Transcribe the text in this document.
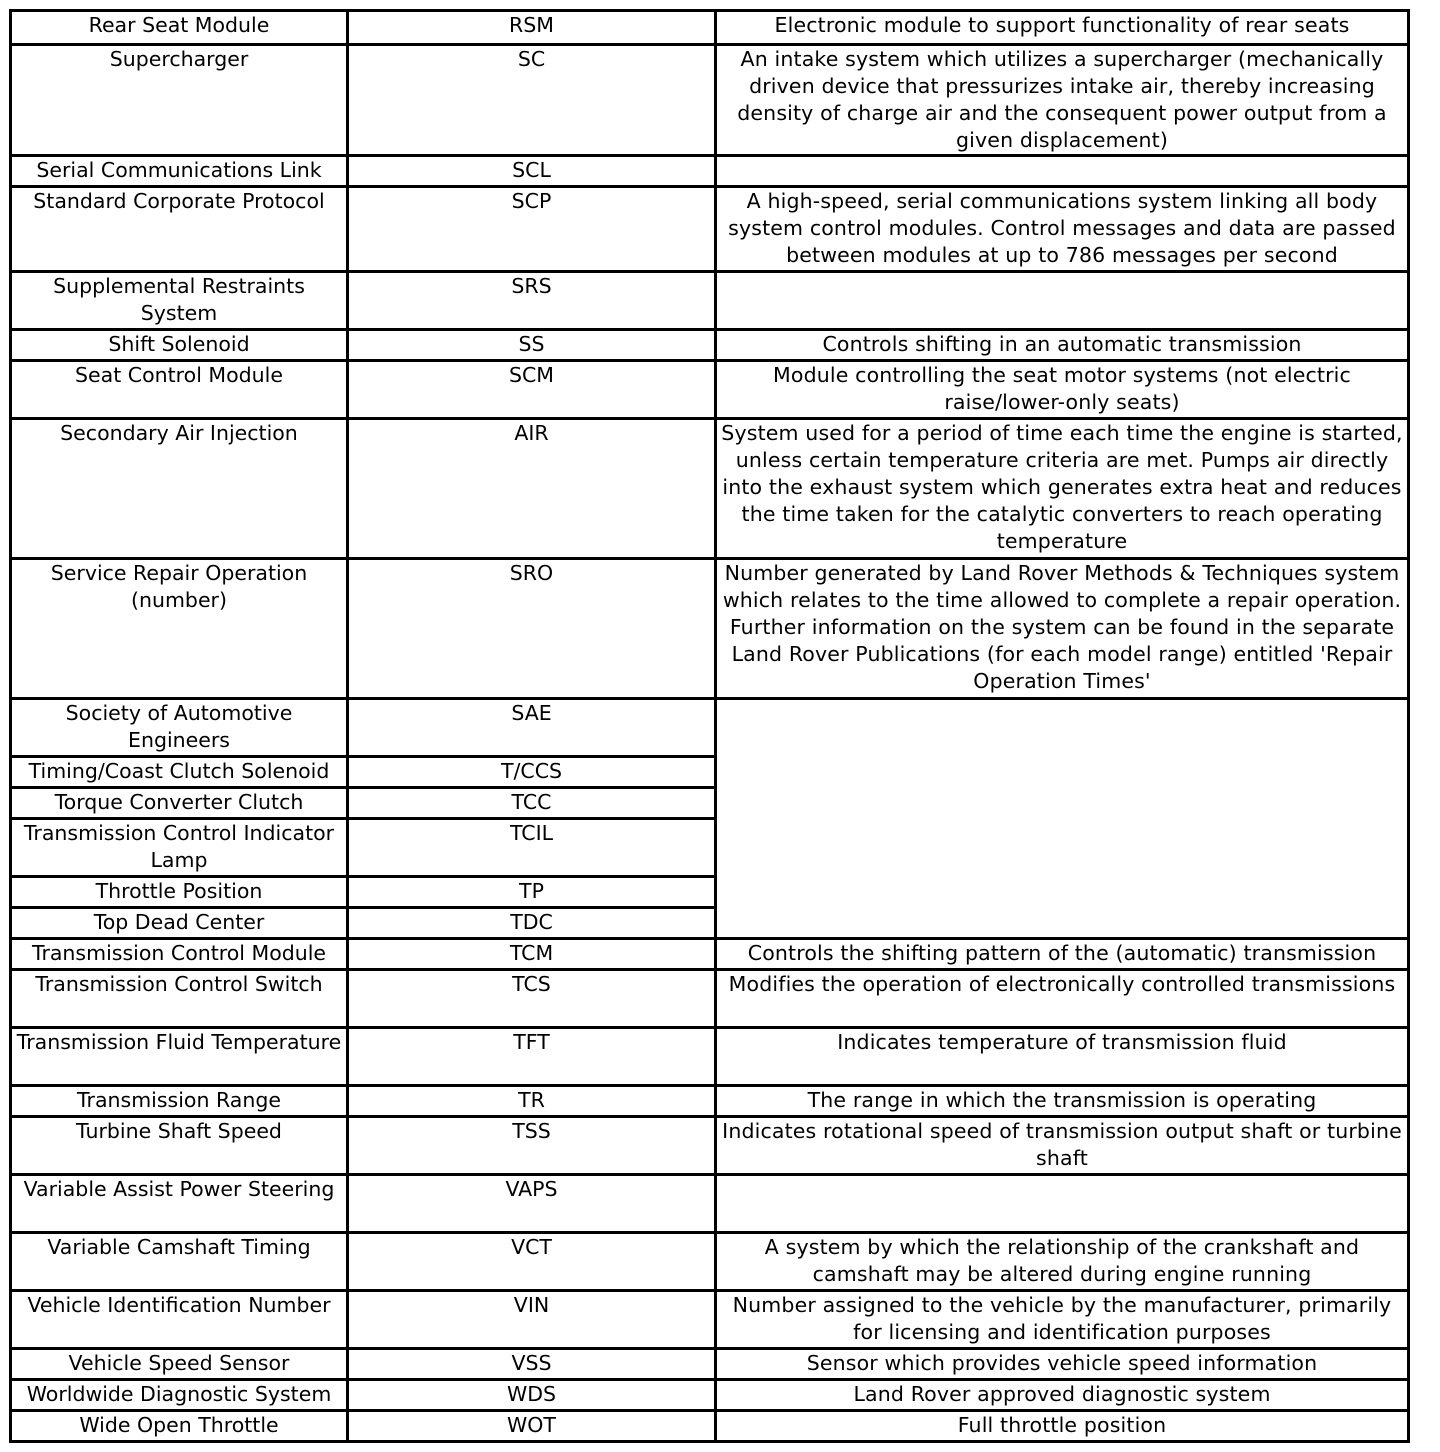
Rear Seat Module	RSM	Electronic module to support functionality of rear seats
Supercharger	SC	An intake system which utilizes a supercharger (mechanically driven device that pressurizes intake air, thereby increasing density of charge air and the consequent power output from a given displacement)
Serial Communications Link	SCL	
Standard Corporate Protocol	SCP	A high-speed, serial communications system linking all body system control modules. Control messages and data are passed between modules at up to 786 messages per second
Supplemental Restraints System	SRS	
Shift Solenoid	SS	Controls shifting in an automatic transmission
Seat Control Module	SCM	Module controlling the seat motor systems (not electric raise/lower-only seats)
Secondary Air Injection	AIR	System used for a period of time each time the engine is started, unless certain temperature criteria are met. Pumps air directly into the exhaust system which generates extra heat and reduces the time taken for the catalytic converters to reach operating temperature
Service Repair Operation (number)	SRO	Number generated by Land Rover Methods & Techniques system which relates to the time allowed to complete a repair operation. Further information on the system can be found in the separate Land Rover Publications (for each model range) entitled 'Repair Operation Times'
Society of Automotive Engineers	SAE	
Timing/Coast Clutch Solenoid	T/CCS	
Torque Converter Clutch	TCC	
Transmission Control Indicator Lamp	TCIL	
Throttle Position	TP	
Top Dead Center	TDC	
Transmission Control Module	TCM	Controls the shifting pattern of the (automatic) transmission
Transmission Control Switch	TCS	Modifies the operation of electronically controlled transmissions
Transmission Fluid Temperature	TFT	Indicates temperature of transmission fluid
Transmission Range	TR	The range in which the transmission is operating
Turbine Shaft Speed	TSS	Indicates rotational speed of transmission output shaft or turbine shaft
Variable Assist Power Steering	VAPS	
Variable Camshaft Timing	VCT	A system by which the relationship of the crankshaft and camshaft may be altered during engine running
Vehicle Identification Number	VIN	Number assigned to the vehicle by the manufacturer, primarily for licensing and identification purposes
Vehicle Speed Sensor	VSS	Sensor which provides vehicle speed information
Worldwide Diagnostic System	WDS	Land Rover approved diagnostic system
Wide Open Throttle	WOT	Full throttle position
